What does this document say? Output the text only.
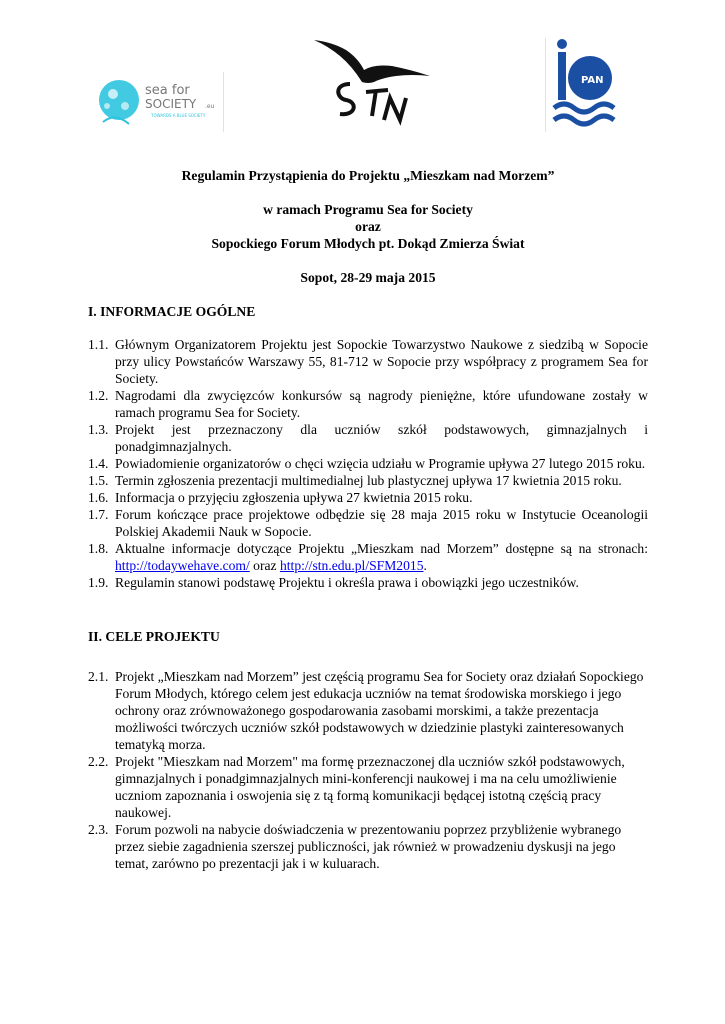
sea for
SOCIETY .eu
TOWARDS A BLUE SOCIETY
PAN
Regulamin Przystąpienia do Projektu „Mieszkam nad Morzem”
w ramach Programu Sea for Society
oraz
Sopockiego Forum Młodych pt. Dokąd Zmierza Świat
Sopot, 28-29 maja 2015
I. INFORMACJE OGÓLNE
1.1. Głównym Organizatorem Projektu jest Sopockie Towarzystwo Naukowe z siedzibą w Sopocie przy ulicy Powstańców Warszawy 55, 81-712 w Sopocie przy współpracy z programem Sea for Society.
1.2. Nagrodami dla zwycięzców konkursów są nagrody pieniężne, które ufundowane zostały w ramach programu Sea for Society.
1.3. Projekt jest przeznaczony dla uczniów szkół podstawowych, gimnazjalnych i ponadgimnazjalnych.
1.4. Powiadomienie organizatorów o chęci wzięcia udziału w Programie upływa 27 lutego 2015 roku.
1.5. Termin zgłoszenia prezentacji multimedialnej lub plastycznej upływa 17 kwietnia 2015 roku.
1.6. Informacja o przyjęciu zgłoszenia upływa 27 kwietnia 2015 roku.
1.7. Forum kończące prace projektowe odbędzie się 28 maja 2015 roku w Instytucie Oceanologii Polskiej Akademii Nauk w Sopocie.
1.8. Aktualne informacje dotyczące Projektu „Mieszkam nad Morzem” dostępne są na stronach: http://todaywehave.com/ oraz http://stn.edu.pl/SFM2015.
1.9. Regulamin stanowi podstawę Projektu i określa prawa i obowiązki jego uczestników.
II. CELE PROJEKTU
2.1. Projekt „Mieszkam nad Morzem” jest częścią programu Sea for Society oraz działań Sopockiego Forum Młodych, którego celem jest edukacja uczniów na temat środowiska morskiego i jego ochrony oraz zrównoważonego gospodarowania zasobami morskimi, a także prezentacja możliwości twórczych uczniów szkół podstawowych w dziedzinie plastyki zainteresowanych tematyką morza.
2.2. Projekt "Mieszkam nad Morzem" ma formę przeznaczonej dla uczniów szkół podstawowych, gimnazjalnych i ponadgimnazjalnych mini-konferencji naukowej i ma na celu umożliwienie uczniom zapoznania i oswojenia się z tą formą komunikacji będącej istotną częścią pracy naukowej.
2.3. Forum pozwoli na nabycie doświadczenia w prezentowaniu poprzez przybliżenie wybranego przez siebie zagadnienia szerszej publiczności, jak również w prowadzeniu dyskusji na jego temat, zarówno po prezentacji jak i w kuluarach.
